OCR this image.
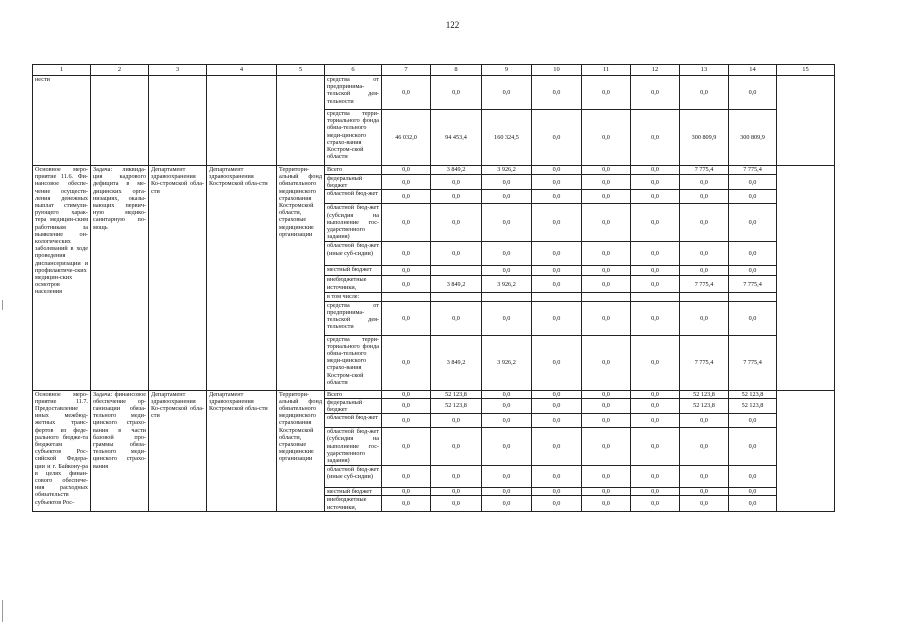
122
1	2	3	4	5	6	7	8	9	10	11	12	13	14	15
нести					средства от предпринима-тельской дея-тельности	0,0	0,0	0,0	0,0	0,0	0,0	0,0	0,0	
					средства терри-ториального фонда обяза-тельного меди-цинского страхо-вания Костром-ской области	46 032,0	94 453,4	160 324,5	0,0	0,0	0,0	300 809,9	300 809,9	
Основное меро-приятие 11.6. Фи-нансовое обеспе-чение осуществ-ления денежных выплат стимули-рующего харак-тера медицин-ским работникам за выявление он-кологических заболеваний в ходе проведения диспансеризации и профилактиче-ских медицин-ских осмотров населения	Задача: ликвида-ция кадрового дефицита в ме-дицинских орга-низациях, оказы-вающих первич-ную медико-санитарную по-мощь	Департамент здравоохранения Ко-стромской обла-сти	Департамент здравоохранения Костромской обла-сти	Территори-альный фонд обязательного медицинского страхования Костромской области, страховые медицинские организации	Всего	0,0	3 849,2	3 926,2	0,0	0,0	0,0	7 775,4	7 775,4	
					федеральный бюджет	0,0	0,0	0,0	0,0	0,0	0,0	0,0	0,0	
					областной бюд-жет	0,0	0,0	0,0	0,0	0,0	0,0	0,0	0,0	
					областной бюд-жет (субсидия на выполнение гос-ударственного задания)	0,0	0,0	0,0	0,0	0,0	0,0	0,0	0,0	
					областной бюд-жет (иные суб-сидии)	0,0	0,0	0,0	0,0	0,0	0,0	0,0	0,0	
					местный бюджет	0,0		0,0	0,0	0,0	0,0	0,0	0,0	
					внебюджетные источники,	0,0	3 849,2	3 926,2	0,0	0,0	0,0	7 775,4	7 775,4	
					в том числе:									
					средства от предпринима-тельской дея-тельности	0,0	0,0	0,0	0,0	0,0	0,0	0,0	0,0	
					средства терри-ториального фонда обяза-тельного меди-цинского страхо-вания Костром-ской области	0,0	3 849,2	3 926,2	0,0	0,0	0,0	7 775,4	7 775,4	
Основное меро-приятие 11.7. Предоставление иных межбюд-жетных транс-фертов из феде-рального бюдже-та бюджетам субъектов Рос-сийской Федера-ции и г. Байкону-ра в целях финан-сового обеспече-ния расходных обязательств субъектов Рос-	Задача: финансовое обеспечение ор-ганизации обяза-тельного меди-цинского страхо-вания в части базовой про-граммы обяза-тельного меди-цинского страхо-вания	Департамент здравоохранения Ко-стромской обла-сти	Департамент здравоохранения Костромской обла-сти	Территори-альный фонд обязательного медицинского страхования Костромской области, страховые медицинские организации	Всего	0,0	52 123,8	0,0	0,0	0,0	0,0	52 123,8	52 123,8	
					федеральный бюджет	0,0	52 123,8	0,0	0,0	0,0	0,0	52 123,8	52 123,8	
					областной бюд-жет	0,0	0,0	0,0	0,0	0,0	0,0	0,0	0,0	
					областной бюд-жет (субсидия на выполнение гос-ударственного задания)	0,0	0,0	0,0	0,0	0,0	0,0	0,0	0,0	
					областной бюд-жет (иные суб-сидии)	0,0	0,0	0,0	0,0	0,0	0,0	0,0	0,0	
					местный бюджет	0,0	0,0	0,0	0,0	0,0	0,0	0,0	0,0	
					внебюджетные источники,	0,0	0,0	0,0	0,0	0,0	0,0	0,0	0,0	
